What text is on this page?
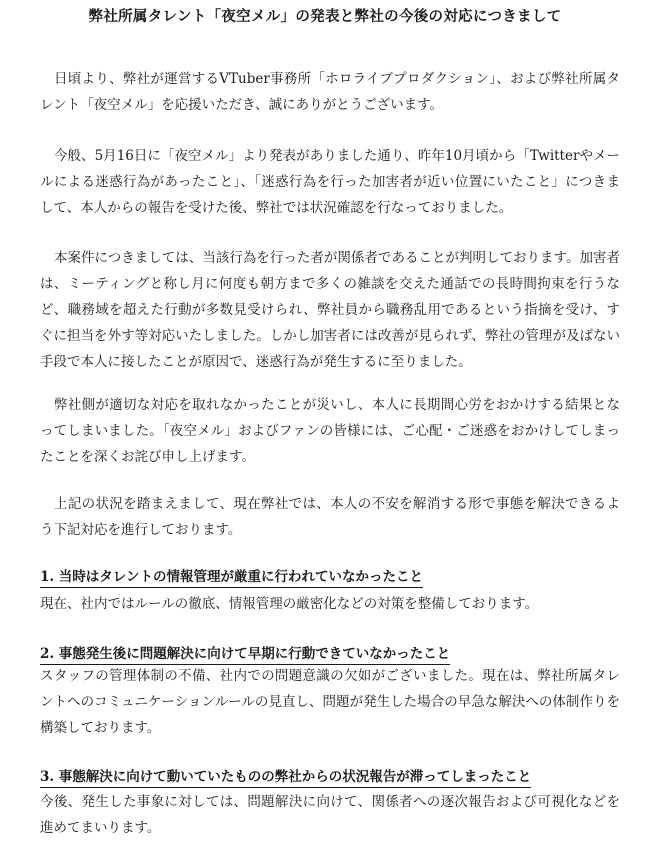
弊社所属タレント「夜空メル」の発表と弊社の今後の対応につきまして

日頃より、弊社が運営するVTuber事務所「ホロライブプロダクション」、および弊社所属タレント「夜空メル」を応援いただき、誠にありがとうございます。

今般、5月16日に「夜空メル」より発表がありました通り、昨年10月頃から「Twitterやメールによる迷惑行為があったこと」、「迷惑行為を行った加害者が近い位置にいたこと」につきまして、本人からの報告を受けた後、弊社では状況確認を行なっておりました。

本案件につきましては、当該行為を行った者が関係者であることが判明しております。加害者は、ミーティングと称し月に何度も朝方まで多くの雑談を交えた通話での長時間拘束を行うなど、職務域を超えた行動が多数見受けられ、弊社員から職務乱用であるという指摘を受け、すぐに担当を外す等対応いたしました。しかし加害者には改善が見られず、弊社の管理が及ばない手段で本人に接したことが原因で、迷惑行為が発生するに至りました。

弊社側が適切な対応を取れなかったことが災いし、本人に長期間心労をおかけする結果となってしまいました。「夜空メル」およびファンの皆様には、ご心配・ご迷惑をおかけしてしまったことを深くお詫び申し上げます。

上記の状況を踏まえまして、現在弊社では、本人の不安を解消する形で事態を解決できるよう下記対応を進行しております。

1. 当時はタレントの情報管理が厳重に行われていなかったこと

現在、社内ではルールの徹底、情報管理の厳密化などの対策を整備しております。

2. 事態発生後に問題解決に向けて早期に行動できていなかったこと

スタッフの管理体制の不備、社内での問題意識の欠如がございました。現在は、弊社所属タレントへのコミュニケーションルールの見直し、問題が発生した場合の早急な解決への体制作りを構築しております。

3. 事態解決に向けて動いていたものの弊社からの状況報告が滞ってしまったこと

今後、発生した事象に対しては、問題解決に向けて、関係者への逐次報告および可視化などを進めてまいります。
